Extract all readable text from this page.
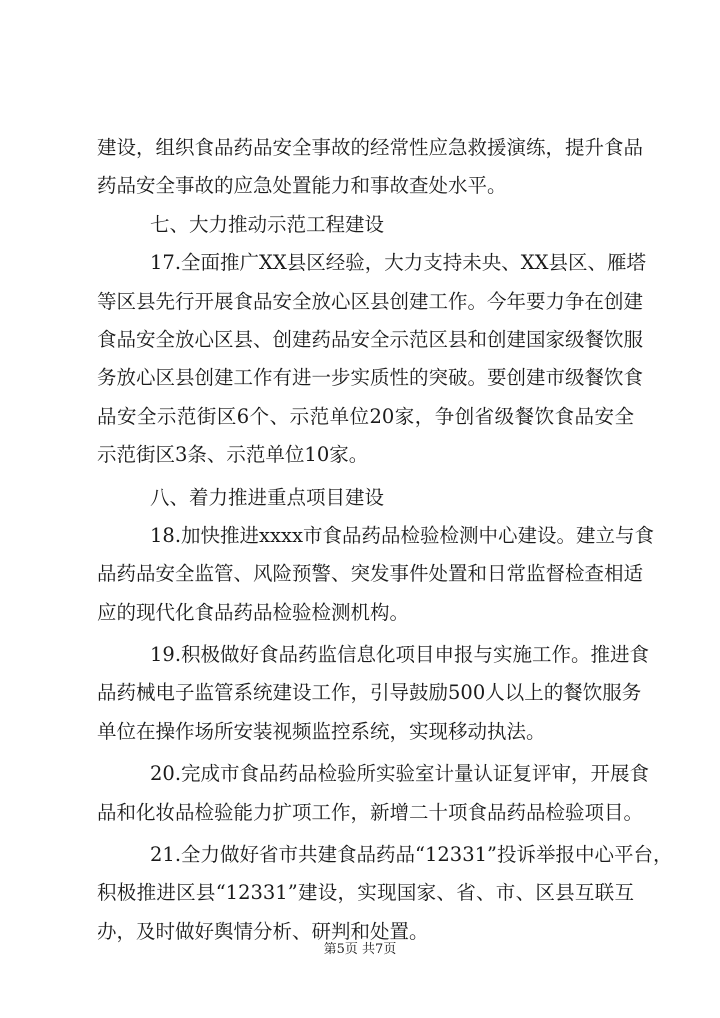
建设，组织食品药品安全事故的经常性应急救援演练，提升食品
药品安全事故的应急处置能力和事故查处水平。
七、大力推动示范工程建设
17.全面推广XX县区经验，大力支持未央、XX县区、雁塔
等区县先行开展食品安全放心区县创建工作。今年要力争在创建
食品安全放心区县、创建药品安全示范区县和创建国家级餐饮服
务放心区县创建工作有进一步实质性的突破。要创建市级餐饮食
品安全示范街区6个、示范单位20家，争创省级餐饮食品安全
示范街区3条、示范单位10家。
八、着力推进重点项目建设
18.加快推进xxxx市食品药品检验检测中心建设。建立与食
品药品安全监管、风险预警、突发事件处置和日常监督检查相适
应的现代化食品药品检验检测机构。
19.积极做好食品药监信息化项目申报与实施工作。推进食
品药械电子监管系统建设工作，引导鼓励500人以上的餐饮服务
单位在操作场所安装视频监控系统，实现移动执法。
20.完成市食品药品检验所实验室计量认证复评审，开展食
品和化妆品检验能力扩项工作，新增二十项食品药品检验项目。
21.全力做好省市共建食品药品“12331”投诉举报中心平台，
积极推进区县“12331”建设，实现国家、省、市、区县互联互
办，及时做好舆情分析、研判和处置。
第5页 共7页
